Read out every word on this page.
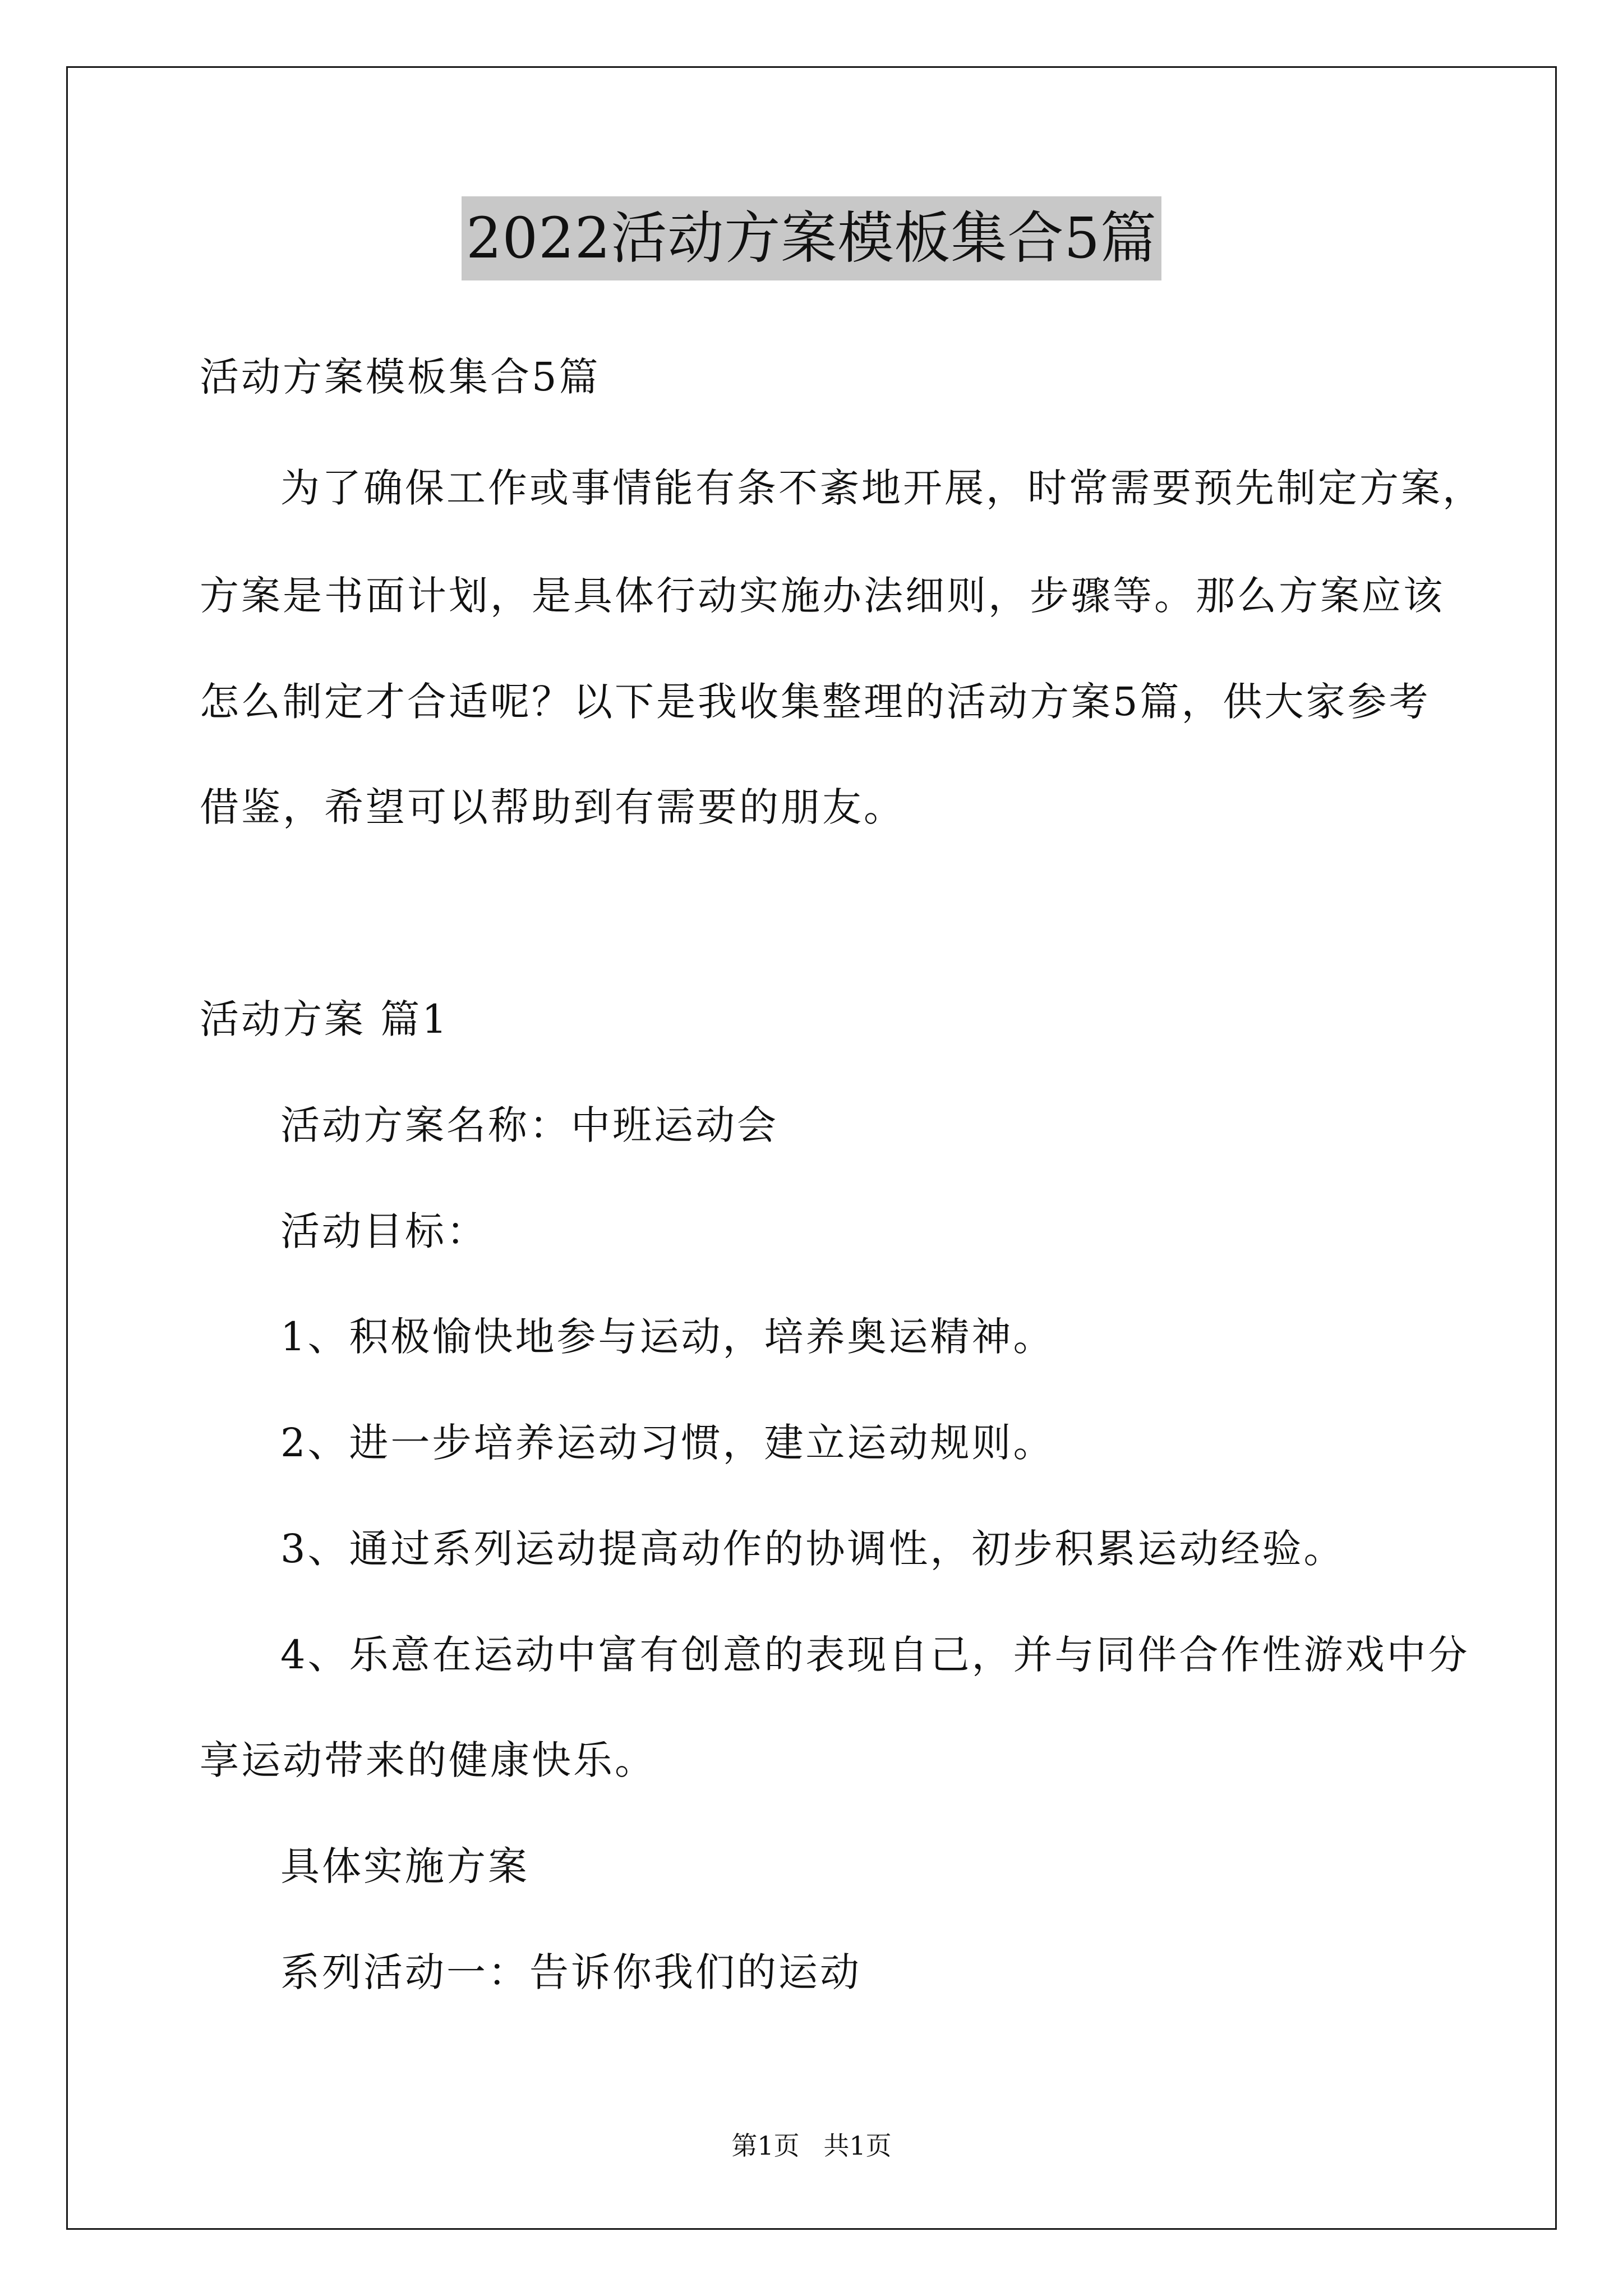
2022活动方案模板集合5篇
活动方案模板集合5篇
为了确保工作或事情能有条不紊地开展，时常需要预先制定方案，
方案是书面计划，是具体行动实施办法细则，步骤等。那么方案应该
怎么制定才合适呢？以下是我收集整理的活动方案5篇，供大家参考
借鉴，希望可以帮助到有需要的朋友。
活动方案 篇1
活动方案名称：中班运动会
活动目标：
1、积极愉快地参与运动，培养奥运精神。
2、进一步培养运动习惯，建立运动规则。
3、通过系列运动提高动作的协调性，初步积累运动经验。
4、乐意在运动中富有创意的表现自己，并与同伴合作性游戏中分
享运动带来的健康快乐。
具体实施方案
系列活动一：告诉你我们的运动
第1页 共1页
